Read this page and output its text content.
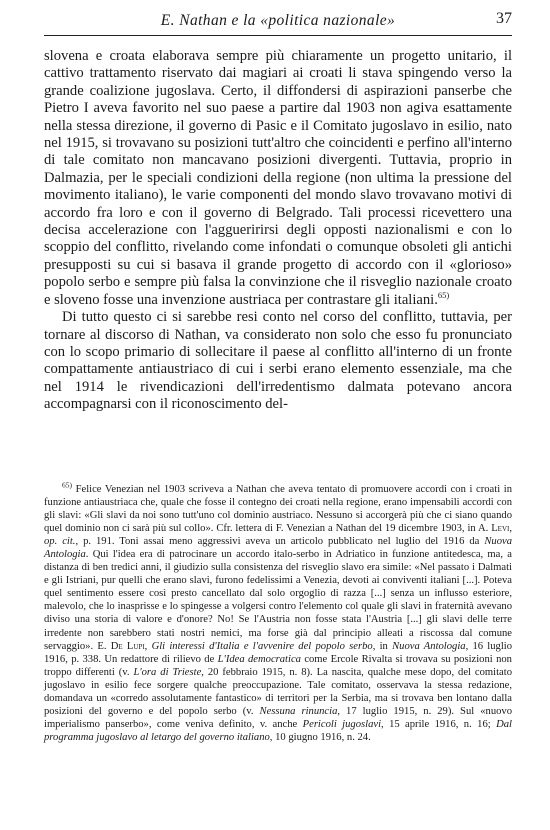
E. Nathan e la «politica nazionale»	37

slovena e croata elaborava sempre più chiaramente un progetto unitario, il cattivo trattamento riservato dai magiari ai croati li stava spingendo verso la grande coalizione jugoslava. Certo, il diffondersi di aspirazioni panserbe che Pietro I aveva favorito nel suo paese a partire dal 1903 non agiva esattamente nella stessa direzione, il governo di Pasic e il Comitato jugoslavo in esilio, nato nel 1915, si trovavano su posizioni tutt'altro che coincidenti e perfino all'interno di tale comitato non mancavano posizioni divergenti. Tuttavia, proprio in Dalmazia, per le speciali condizioni della regione (non ultima la pressione del movimento italiano), le varie componenti del mondo slavo trovavano motivi di accordo fra loro e con il governo di Belgrado. Tali processi ricevettero una decisa accelerazione con l'aggueririrsi degli opposti nazionalismi e con lo scoppio del conflitto, rivelando come infondati o comunque obsoleti gli antichi presupposti su cui si basava il grande progetto di accordo con il «glorioso» popolo serbo e sempre più falsa la convinzione che il risveglio nazionale croato e sloveno fosse una invenzione austriaca per contrastare gli italiani.$^{65)}$

Di tutto questo ci si sarebbe resi conto nel corso del conflitto, tuttavia, per tornare al discorso di Nathan, va considerato non solo che esso fu pronunciato con lo scopo primario di sollecitare il paese al conflitto all'interno di un fronte compattamente antiaustriaco di cui i serbi erano elemento essenziale, ma che nel 1914 le rivendicazioni dell'irredentismo dalmata potevano ancora accompagnarsi con il riconoscimento del-

$^{65)}$ Felice Venezian nel 1903 scriveva a Nathan che aveva tentato di promuovere accordi con i croati in funzione antiaustriaca che, quale che fosse il contegno dei croati nella regione, erano impensabili accordi con gli slavi: «Gli slavi da noi sono tutt'uno col dominio austriaco. Nessuno si accorgerà più che ci siano quando quel dominio non ci sarà più sul collo». Cfr. lettera di F. Venezian a Nathan del 19 dicembre 1903, in A. Levi, op. cit., p. 191. Toni assai meno aggressivi aveva un articolo pubblicato nel luglio del 1916 da Nuova Antologia. Qui l'idea era di patrocinare un accordo italo-serbo in Adriatico in funzione antitedesca, ma, a distanza di ben tredici anni, il giudizio sulla consistenza del risveglio slavo era simile: «Nel passato i Dalmati e gli Istriani, pur quelli che erano slavi, furono fedelissimi a Venezia, devoti ai conviventi italiani [...]. Poteva quel sentimento essere così presto cancellato dal solo orgoglio di razza [...] senza un influsso esteriore, malevolo, che lo inasprisse e lo spingesse a volgersi contro l'elemento col quale gli slavi in fraternità avevano diviso una storia di valore e d'onore? No! Se l'Austria non fosse stata l'Austria [...] gli slavi delle terre irredente non sarebbero stati nostri nemici, ma forse già dal principio alleati a riscossa dal comune servaggio». E. De Lupi, Gli interessi d'Italia e l'avvenire del popolo serbo, in Nuova Antologia, 16 luglio 1916, p. 338. Un redattore di rilievo de L'Idea democratica come Ercole Rivalta si trovava su posizioni non troppo differenti (v. L'ora di Trieste, 20 febbraio 1915, n. 8). La nascita, qualche mese dopo, del comitato jugoslavo in esilio fece sorgere qualche preoccupazione. Tale comitato, osservava la stessa redazione, domandava un «corredo assolutamente fantastico» di territori per la Serbia, ma si trovava ben lontano dalla posizioni del governo e del popolo serbo (v. Nessuna rinuncia, 17 luglio 1915, n. 29). Sul «nuovo imperialismo panserbo», come veniva definito, v. anche Pericoli jugoslavi, 15 aprile 1916, n. 16; Dal programma jugoslavo al letargo del governo italiano, 10 giugno 1916, n. 24.
